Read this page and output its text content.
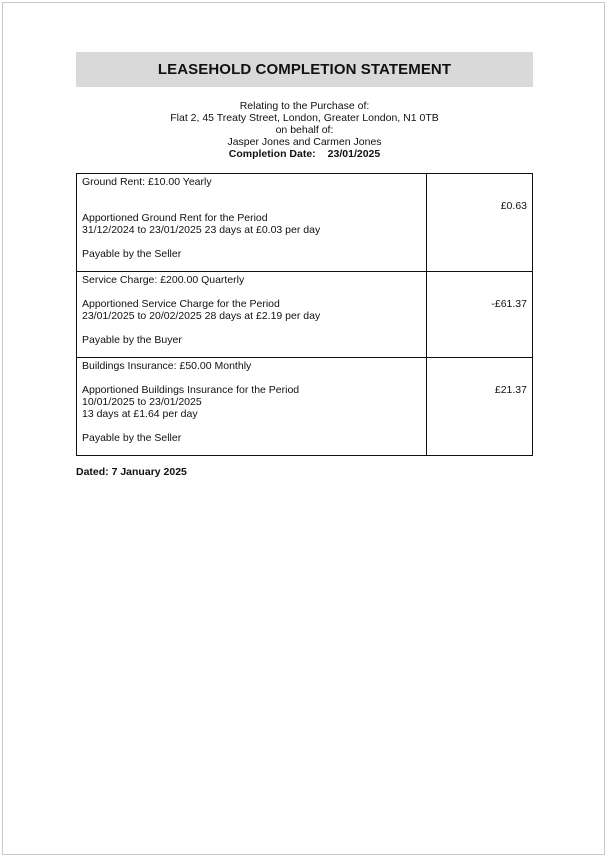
LEASEHOLD COMPLETION STATEMENT
Relating to the Purchase of:
Flat 2, 45 Treaty Street, London, Greater London, N1 0TB
on behalf of:
Jasper Jones and Carmen Jones
Completion Date: 23/01/2025
Ground Rent: £10.00 Yearly
Apportioned Ground Rent for the Period
31/12/2024 to 23/01/2025 23 days at £0.03 per day
Payable by the Seller	£0.63

Service Charge: £200.00 Quarterly
Apportioned Service Charge for the Period
23/01/2025 to 20/02/2025 28 days at £2.19 per day
Payable by the Buyer	-£61.37

Buildings Insurance: £50.00 Monthly
Apportioned Buildings Insurance for the Period
10/01/2025 to 23/01/2025
13 days at £1.64 per day
Payable by the Seller	£21.37
Dated: 7 January 2025
